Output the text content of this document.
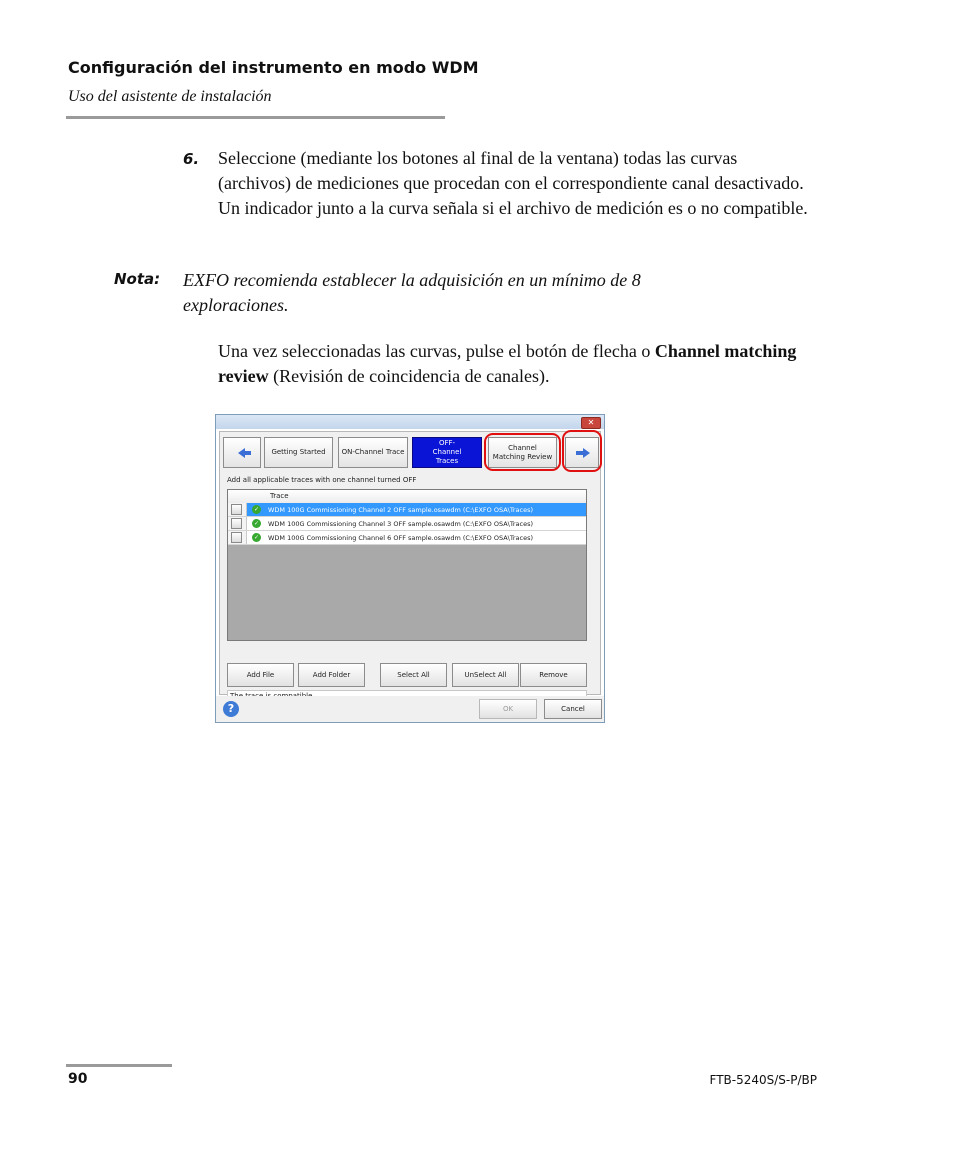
Configuración del instrumento en modo WDM
Uso del asistente de instalación
6. Seleccione (mediante los botones al final de la ventana) todas las curvas (archivos) de mediciones que procedan con el correspondiente canal desactivado. Un indicador junto a la curva señala si el archivo de medición es o no compatible.

Nota: EXFO recomienda establecer la adquisición en un mínimo de 8 exploraciones.

Una vez seleccionadas las curvas, pulse el botón de flecha o Channel matching review (Revisión de coincidencia de canales).

✕
Getting Started	ON-Channel Trace
OFF-Channel Traces
Channel Matching Review
Add all applicable traces with one channel turned OFF
Trace
✓	WDM 100G Commissioning Channel 2 OFF sample.osawdm (C:\EXFO OSA\Traces)
✓	WDM 100G Commissioning Channel 3 OFF sample.osawdm (C:\EXFO OSA\Traces)
✓	WDM 100G Commissioning Channel 6 OFF sample.osawdm (C:\EXFO OSA\Traces)
Add File	Add Folder	Select All	UnSelect All	Remove
?	OK	Cancel
90	FTB-5240S/S-P/BP
